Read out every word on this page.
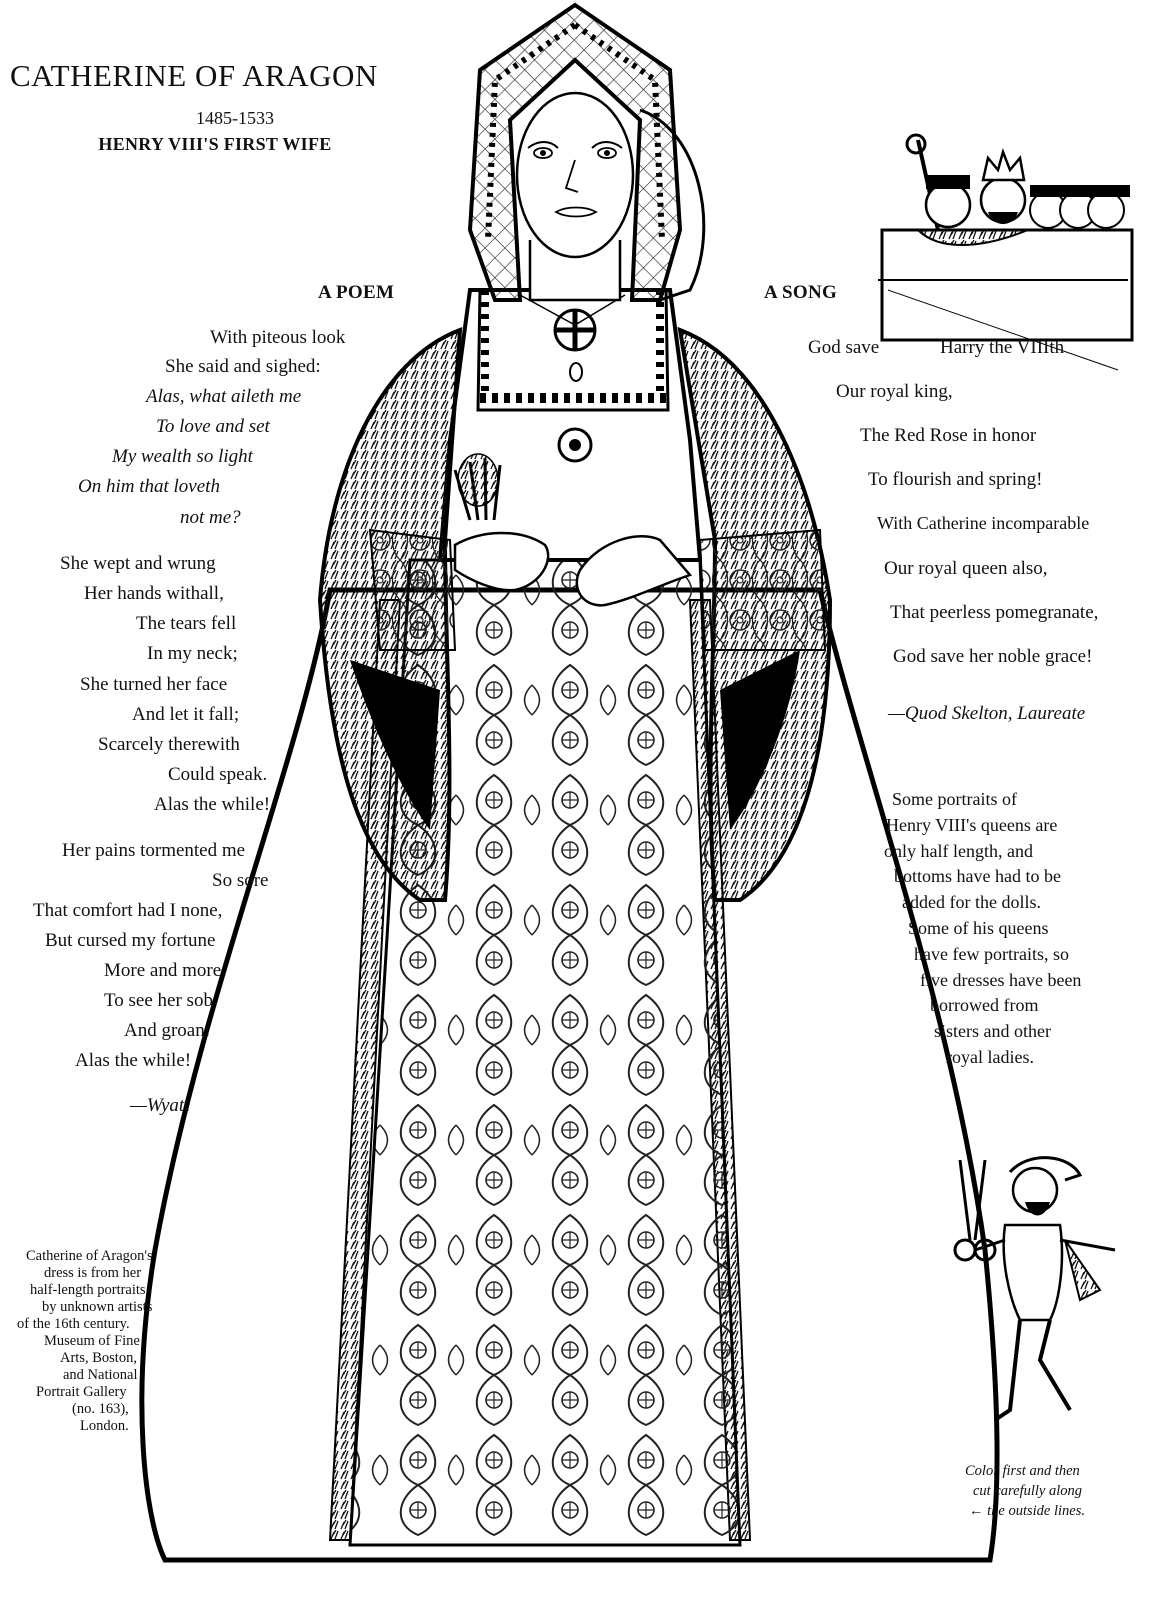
CATHERINE OF ARAGON
1485-1533
HENRY VIII'S FIRST WIFE
A POEM
With piteous look
She said and sighed:
Alas, what aileth me
To love and set
My wealth so light
On him that loveth
not me?
She wept and wrung
Her hands withall,
The tears fell
In my neck;
She turned her face
And let it fall;
Scarcely therewith
Could speak.
Alas the while!
Her pains tormented me
So sore
That comfort had I none,
But cursed my fortune
More and more
To see her sob
And groan:
Alas the while!
—Wyatt
A SONG
God save	Harry the VIIIth
Our royal king,
The Red Rose in honor
To flourish and spring!
With Catherine incomparable
Our royal queen also,
That peerless pomegranate,
God save her noble grace!
—Quod Skelton, Laureate
Some portraits of
Henry VIII's queens are
only half length, and
bottoms have had to be
added for the dolls.
Some of his queens
have few portraits, so
five dresses have been
borrowed from
sisters and other
royal ladies.
Catherine of Aragon's
dress is from her
half-length portraits
by unknown artists
of the 16th century.
Museum of Fine
Arts, Boston,
and National
Portrait Gallery
(no. 163),
London.
Color first and then
cut carefully along
← the outside lines.
